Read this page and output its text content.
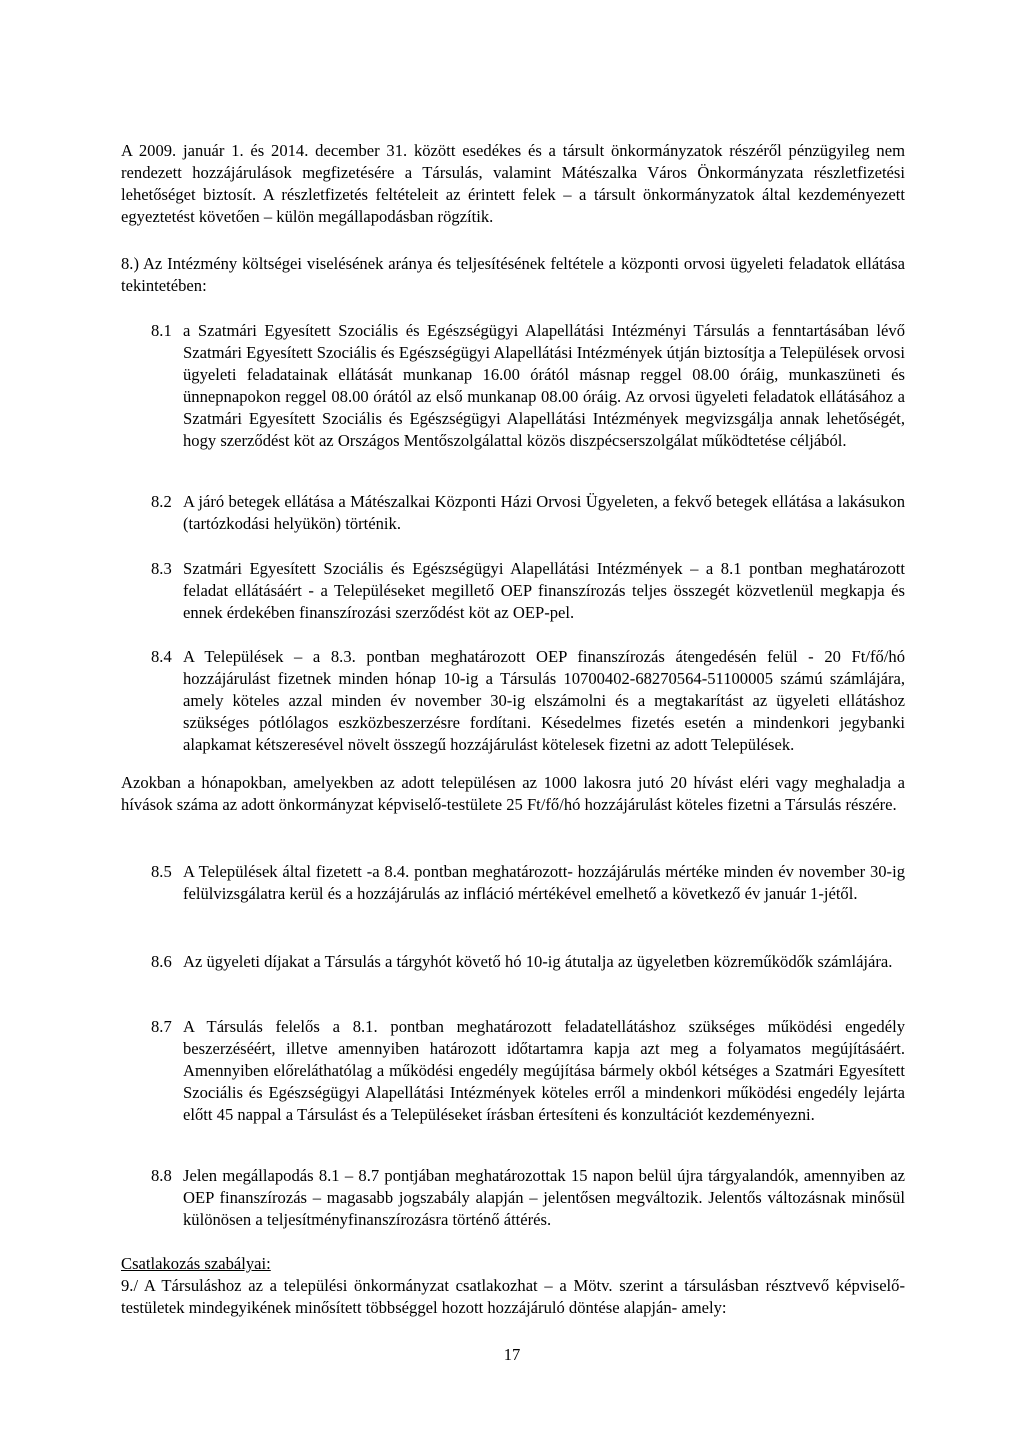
A 2009. január 1. és 2014. december 31. között esedékes és a társult önkormányzatok részéről pénzügyileg nem rendezett hozzájárulások megfizetésére a Társulás, valamint Mátészalka Város Önkormányzata részletfizetési lehetőséget biztosít. A részletfizetés feltételeit az érintett felek – a társult önkormányzatok által kezdeményezett egyeztetést követően – külön megállapodásban rögzítik.
8.) Az Intézmény költségei viselésének aránya és teljesítésének feltétele a központi orvosi ügyeleti feladatok ellátása tekintetében:
8.1 a Szatmári Egyesített Szociális és Egészségügyi Alapellátási Intézményi Társulás a fenntartásában lévő Szatmári Egyesített Szociális és Egészségügyi Alapellátási Intézmények útján biztosítja a Települések orvosi ügyeleti feladatainak ellátását munkanap 16.00 órától másnap reggel 08.00 óráig, munkaszüneti és ünnepnapokon reggel 08.00 órától az első munkanap 08.00 óráig. Az orvosi ügyeleti feladatok ellátásához a Szatmári Egyesített Szociális és Egészségügyi Alapellátási Intézmények megvizsgálja annak lehetőségét, hogy szerződést köt az Országos Mentőszolgálattal közös diszpécserszolgálat működtetése céljából.
8.2 A járó betegek ellátása a Mátészalkai Központi Házi Orvosi Ügyeleten, a fekvő betegek ellátása a lakásukon (tartózkodási helyükön) történik.
8.3 Szatmári Egyesített Szociális és Egészségügyi Alapellátási Intézmények – a 8.1 pontban meghatározott feladat ellátásáért - a Településeket megillető OEP finanszírozás teljes összegét közvetlenül megkapja és ennek érdekében finanszírozási szerződést köt az OEP-pel.
8.4 A Települések – a 8.3. pontban meghatározott OEP finanszírozás átengedésén felül - 20 Ft/fő/hó hozzájárulást fizetnek minden hónap 10-ig a Társulás 10700402-68270564-51100005 számú számlájára, amely köteles azzal minden év november 30-ig elszámolni és a megtakarítást az ügyeleti ellátáshoz szükséges pótlólagos eszközbeszerzésre fordítani. Késedelmes fizetés esetén a mindenkori jegybanki alapkamat kétszeresével növelt összegű hozzájárulást kötelesek fizetni az adott Települések.
Azokban a hónapokban, amelyekben az adott településen az 1000 lakosra jutó 20 hívást eléri vagy meghaladja a hívások száma az adott önkormányzat képviselő-testülete 25 Ft/fő/hó hozzájárulást köteles fizetni a Társulás részére.
8.5 A Települések által fizetett -a 8.4. pontban meghatározott- hozzájárulás mértéke minden év november 30-ig felülvizsgálatra kerül és a hozzájárulás az infláció mértékével emelhető a következő év január 1-jétől.
8.6 Az ügyeleti díjakat a Társulás a tárgyhót követő hó 10-ig átutalja az ügyeletben közreműködők számlájára.
8.7 A Társulás felelős a 8.1. pontban meghatározott feladatellátáshoz szükséges működési engedély beszerzéséért, illetve amennyiben határozott időtartamra kapja azt meg a folyamatos megújításáért. Amennyiben előreláthatólag a működési engedély megújítása bármely okból kétséges a Szatmári Egyesített Szociális és Egészségügyi Alapellátási Intézmények köteles erről a mindenkori működési engedély lejárta előtt 45 nappal a Társulást és a Településeket írásban értesíteni és konzultációt kezdeményezni.
8.8 Jelen megállapodás 8.1 – 8.7 pontjában meghatározottak 15 napon belül újra tárgyalandók, amennyiben az OEP finanszírozás – magasabb jogszabály alapján – jelentősen megváltozik. Jelentős változásnak minősül különösen a teljesítményfinanszírozásra történő áttérés.
Csatlakozás szabályai:
9./ A Társuláshoz az a települési önkormányzat csatlakozhat – a Mötv. szerint a társulásban résztvevő képviselő-testületek mindegyikének minősített többséggel hozott hozzájáruló döntése alapján- amely:
17
